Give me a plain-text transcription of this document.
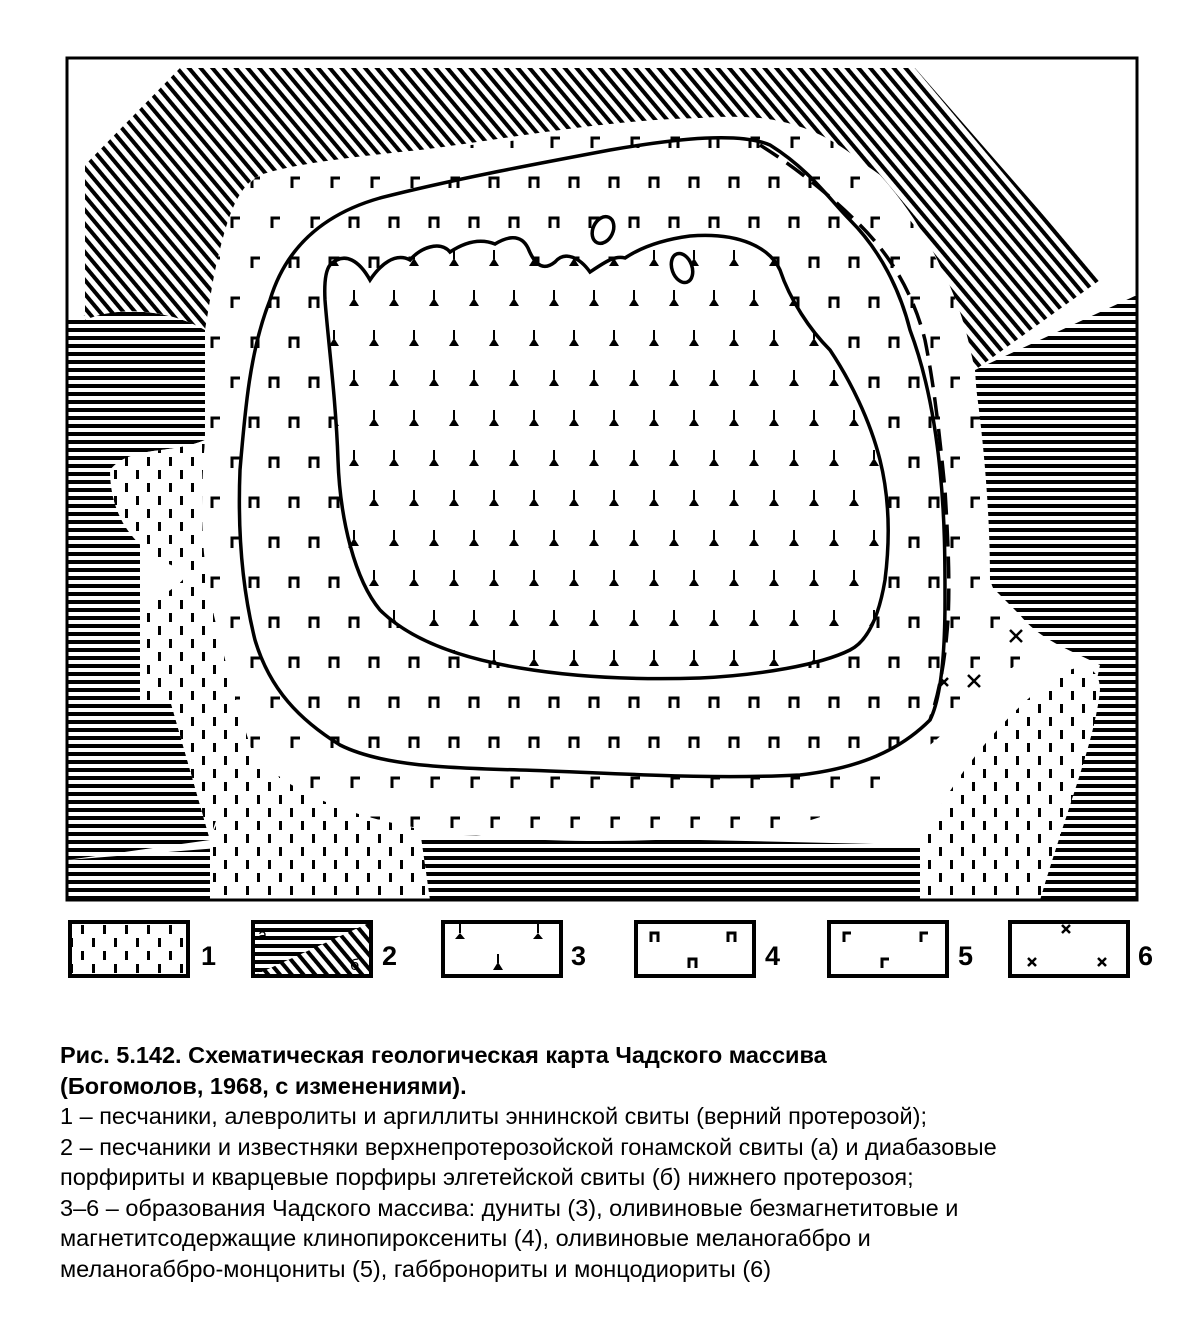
1
а
б 2	3	4	5	6
Рис. 5.142. Схематическая геологическая карта Чадского массива
(Богомолов, 1968, с изменениями).
1 – песчаники, алевролиты и аргиллиты эннинской свиты (верний протерозой);
2 – песчаники и известняки верхнепротерозойской гонамской свиты (а) и диабазовые
порфириты и кварцевые порфиры элгетейской свиты (б) нижнего протерозоя;
3–6 – образования Чадского массива: дуниты (3), оливиновые безмагнетитовые и
магнетитсодержащие клинопироксениты (4), оливиновые меланогаббро и
меланогаббро-монцониты (5), габбронориты и монцодиориты (6)
